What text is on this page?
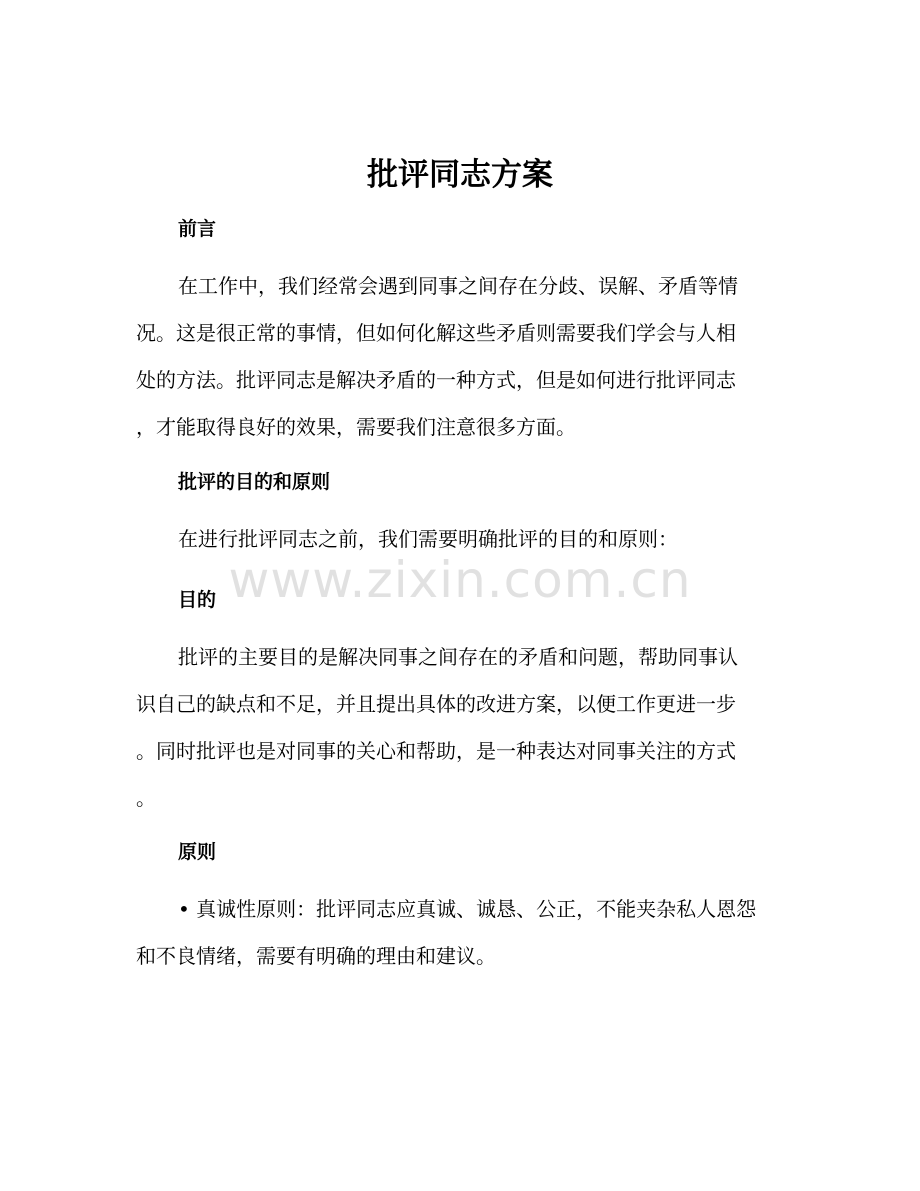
批评同志方案
前言
在工作中，我们经常会遇到同事之间存在分歧、误解、矛盾等情
况。这是很正常的事情，但如何化解这些矛盾则需要我们学会与人相
处的方法。批评同志是解决矛盾的一种方式，但是如何进行批评同志
，才能取得良好的效果，需要我们注意很多方面。
批评的目的和原则
在进行批评同志之前，我们需要明确批评的目的和原则：
目的
批评的主要目的是解决同事之间存在的矛盾和问题，帮助同事认
识自己的缺点和不足，并且提出具体的改进方案，以便工作更进一步
。同时批评也是对同事的关心和帮助，是一种表达对同事关注的方式
。
原则
• 真诚性原则：批评同志应真诚、诚恳、公正，不能夹杂私人恩怨
和不良情绪，需要有明确的理由和建议。
www.zixin.com.cn
